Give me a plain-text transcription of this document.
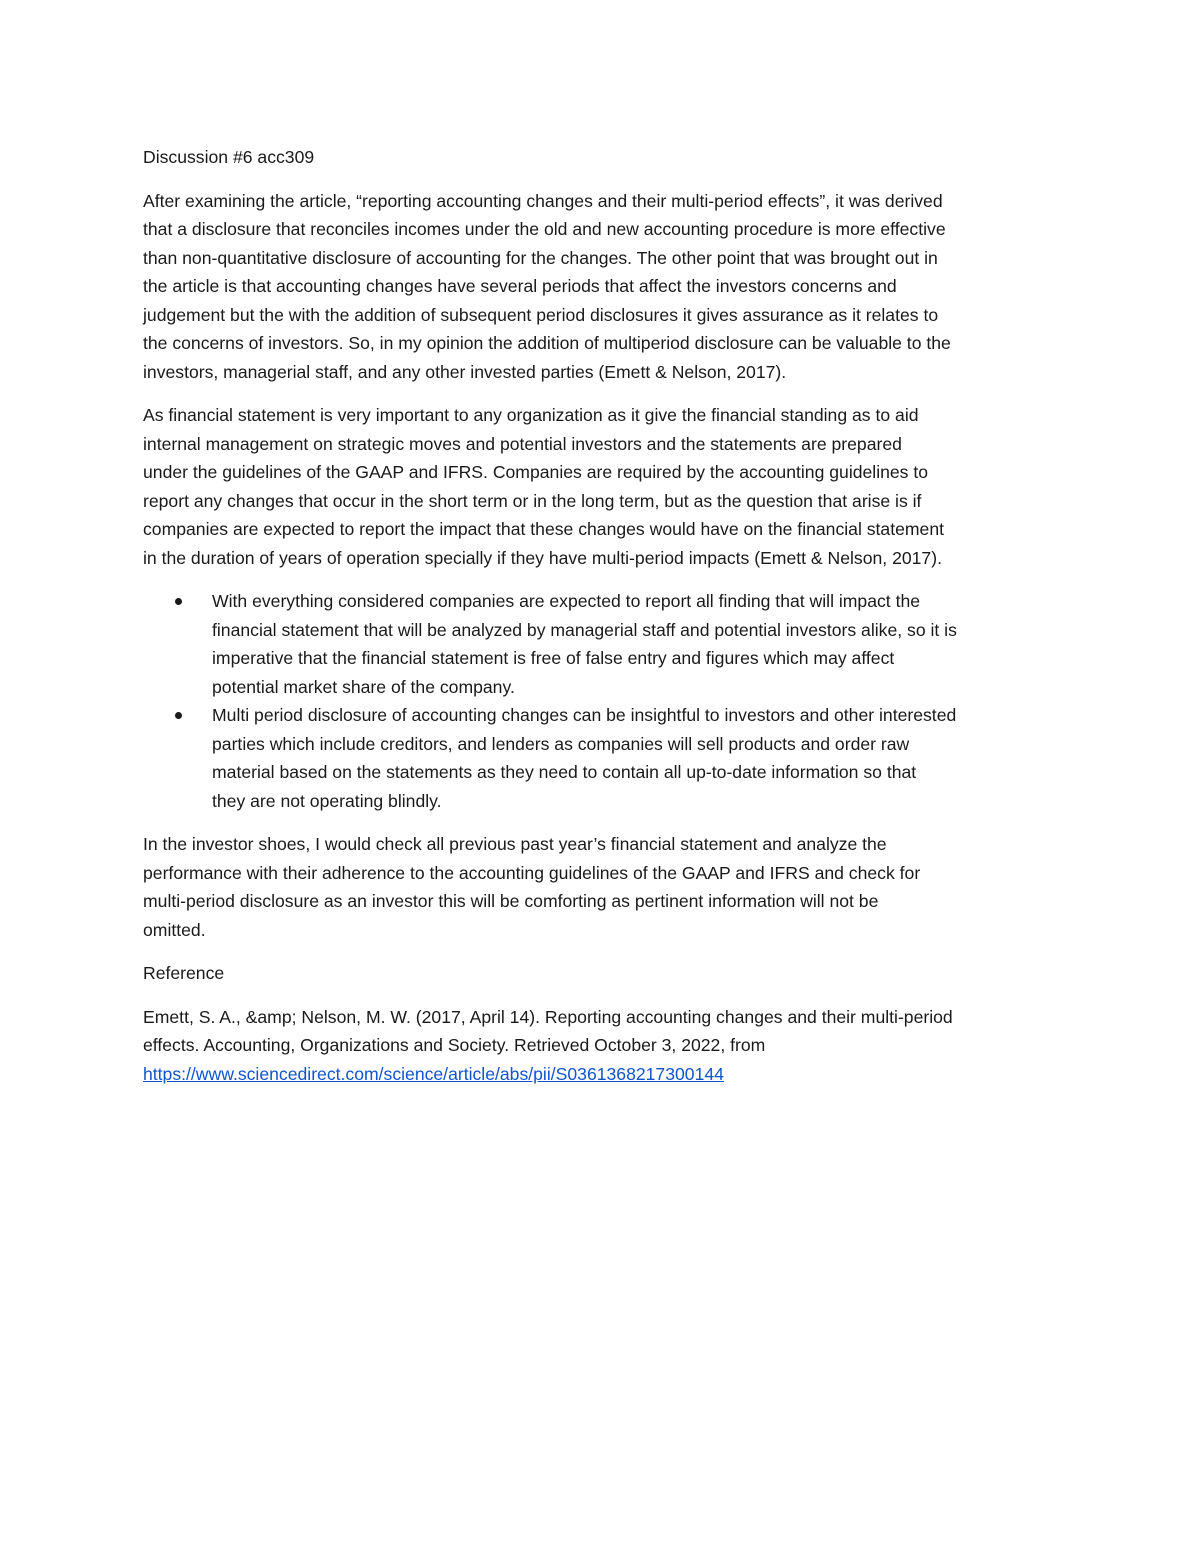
Discussion #6 acc309
After examining the article, “reporting accounting changes and their multi-period effects”, it was derived
that a disclosure that reconciles incomes under the old and new accounting procedure is more effective
than non-quantitative disclosure of accounting for the changes. The other point that was brought out in
the article is that accounting changes have several periods that affect the investors concerns and
judgement but the with the addition of subsequent period disclosures it gives assurance as it relates to
the concerns of investors. So, in my opinion the addition of multiperiod disclosure can be valuable to the
investors, managerial staff, and any other invested parties (Emett & Nelson, 2017).
As financial statement is very important to any organization as it give the financial standing as to aid
internal management on strategic moves and potential investors and the statements are prepared
under the guidelines of the GAAP and IFRS. Companies are required by the accounting guidelines to
report any changes that occur in the short term or in the long term, but as the question that arise is if
companies are expected to report the impact that these changes would have on the financial statement
in the duration of years of operation specially if they have multi-period impacts (Emett & Nelson, 2017).
With everything considered companies are expected to report all finding that will impact the
financial statement that will be analyzed by managerial staff and potential investors alike, so it is
imperative that the financial statement is free of false entry and figures which may affect
potential market share of the company.
Multi period disclosure of accounting changes can be insightful to investors and other interested
parties which include creditors, and lenders as companies will sell products and order raw
material based on the statements as they need to contain all up-to-date information so that
they are not operating blindly.
In the investor shoes, I would check all previous past year’s financial statement and analyze the
performance with their adherence to the accounting guidelines of the GAAP and IFRS and check for
multi-period disclosure as an investor this will be comforting as pertinent information will not be
omitted.
Reference
Emett, S. A., &amp; Nelson, M. W. (2017, April 14). Reporting accounting changes and their multi-period
effects. Accounting, Organizations and Society. Retrieved October 3, 2022, from
https://www.sciencedirect.com/science/article/abs/pii/S0361368217300144
